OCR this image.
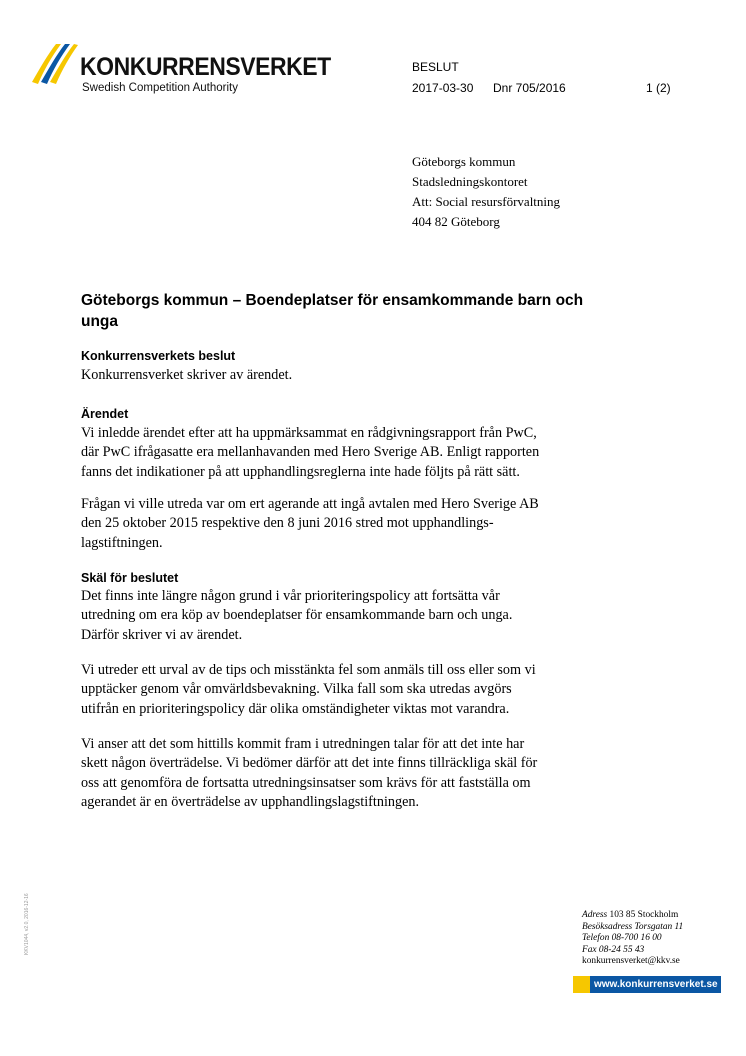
KONKURRENSVERKET
Swedish Competition Authority
BESLUT
2017-03-30 Dnr 705/2016	1 (2)
Göteborgs kommun
Stadsledningskontoret
Att: Social resursförvaltning
404 82 Göteborg
Göteborgs kommun – Boendeplatser för ensamkommande barn och unga
Konkurrensverkets beslut
Konkurrensverket skriver av ärendet.
Ärendet
Vi inledde ärendet efter att ha uppmärksammat en rådgivningsrapport från PwC,
där PwC ifrågasatte era mellanhavanden med Hero Sverige AB. Enligt rapporten
fanns det indikationer på att upphandlingsreglerna inte hade följts på rätt sätt.
Frågan vi ville utreda var om ert agerande att ingå avtalen med Hero Sverige AB
den 25 oktober 2015 respektive den 8 juni 2016 stred mot upphandlings-
lagstiftningen.
Skäl för beslutet
Det finns inte längre någon grund i vår prioriteringspolicy att fortsätta vår
utredning om era köp av boendeplatser för ensamkommande barn och unga.
Därför skriver vi av ärendet.
Vi utreder ett urval av de tips och misstänkta fel som anmäls till oss eller som vi
upptäcker genom vår omvärldsbevakning. Vilka fall som ska utredas avgörs
utifrån en prioriteringspolicy där olika omständigheter viktas mot varandra.
Vi anser att det som hittills kommit fram i utredningen talar för att det inte har
skett någon överträdelse. Vi bedömer därför att det inte finns tillräckliga skäl för
oss att genomföra de fortsatta utredningsinsatser som krävs för att fastställa om
agerandet är en överträdelse av upphandlingslagstiftningen.
KKV1044, v2.0, 2016-12-16	Adress 103 85 Stockholm
Besöksadress Torsgatan 11
Telefon 08-700 16 00
Fax 08-24 55 43
konkurrensverket@kkv.se
www.konkurrensverket.se
